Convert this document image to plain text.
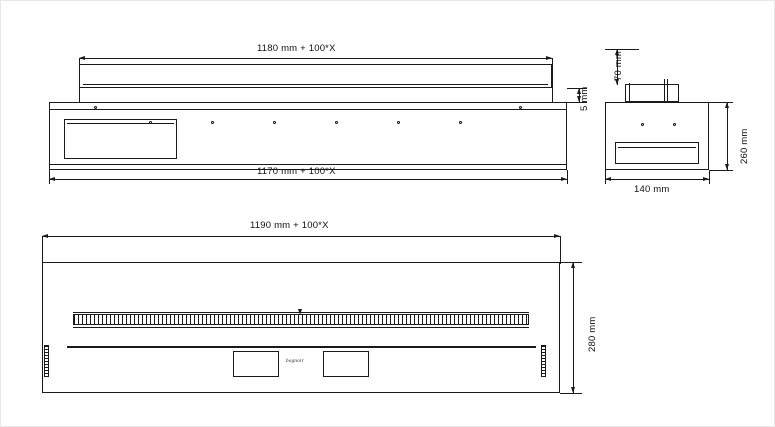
1180 mm + 100*X
5 mm
1170 mm + 100*X
70 mm
260 mm
140 mm
1190 mm + 100*X
bognoir
280 mm
